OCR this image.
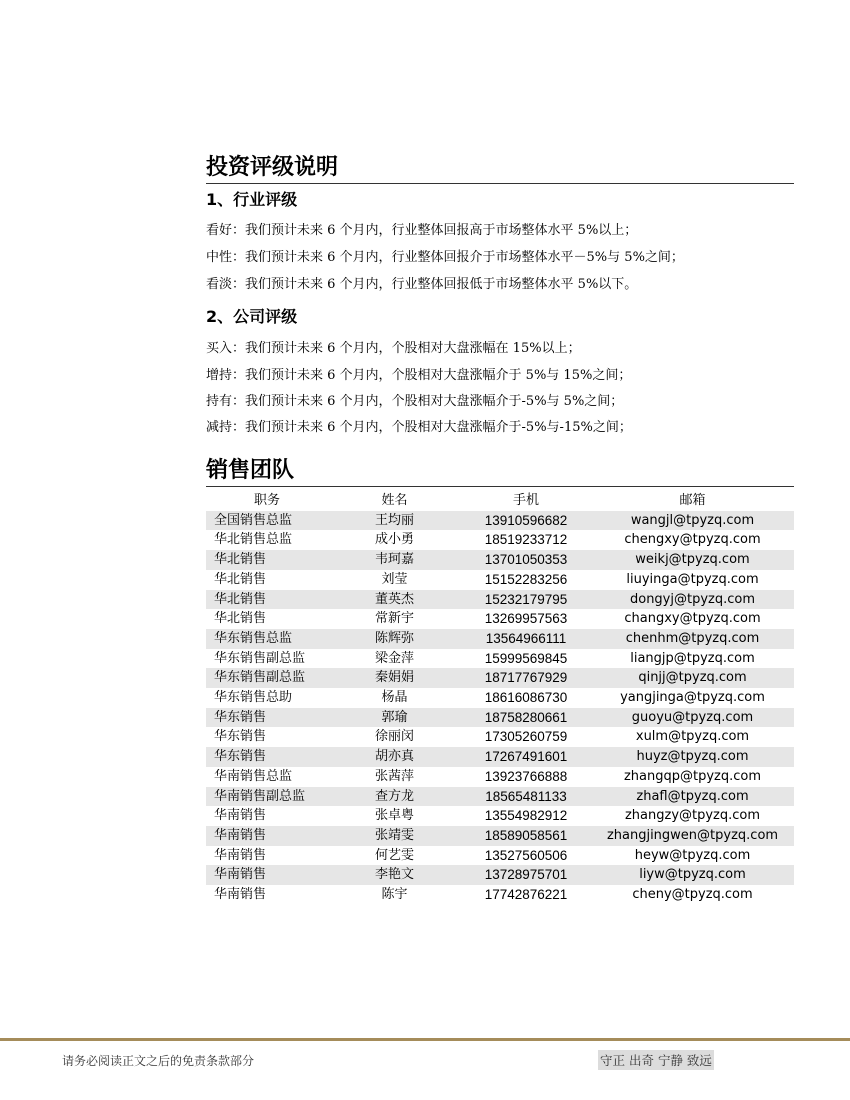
投资评级说明
1、行业评级
看好：我们预计未来 6 个月内，行业整体回报高于市场整体水平 5%以上；
中性：我们预计未来 6 个月内，行业整体回报介于市场整体水平－5%与 5%之间；
看淡：我们预计未来 6 个月内，行业整体回报低于市场整体水平 5%以下。
2、公司评级
买入：我们预计未来 6 个月内，个股相对大盘涨幅在 15%以上；
增持：我们预计未来 6 个月内，个股相对大盘涨幅介于 5%与 15%之间；
持有：我们预计未来 6 个月内，个股相对大盘涨幅介于-5%与 5%之间；
减持：我们预计未来 6 个月内，个股相对大盘涨幅介于-5%与-15%之间；
销售团队
职务	姓名	手机	邮箱
全国销售总监	王均丽	13910596682	wangjl@tpyzq.com
华北销售总监	成小勇	18519233712	chengxy@tpyzq.com
华北销售	韦珂嘉	13701050353	weikj@tpyzq.com
华北销售	刘莹	15152283256	liuyinga@tpyzq.com
华北销售	董英杰	15232179795	dongyj@tpyzq.com
华北销售	常新宇	13269957563	changxy@tpyzq.com
华东销售总监	陈辉弥	13564966111	chenhm@tpyzq.com
华东销售副总监	梁金萍	15999569845	liangjp@tpyzq.com
华东销售副总监	秦娟娟	18717767929	qinjj@tpyzq.com
华东销售总助	杨晶	18616086730	yangjinga@tpyzq.com
华东销售	郭瑜	18758280661	guoyu@tpyzq.com
华东销售	徐丽闵	17305260759	xulm@tpyzq.com
华东销售	胡亦真	17267491601	huyz@tpyzq.com
华南销售总监	张茜萍	13923766888	zhangqp@tpyzq.com
华南销售副总监	查方龙	18565481133	zhafl@tpyzq.com
华南销售	张卓粤	13554982912	zhangzy@tpyzq.com
华南销售	张靖雯	18589058561	zhangjingwen@tpyzq.com
华南销售	何艺雯	13527560506	heyw@tpyzq.com
华南销售	李艳文	13728975701	liyw@tpyzq.com
华南销售	陈宇	17742876221	cheny@tpyzq.com
请务必阅读正文之后的免责条款部分	守正 出奇 宁静 致远
